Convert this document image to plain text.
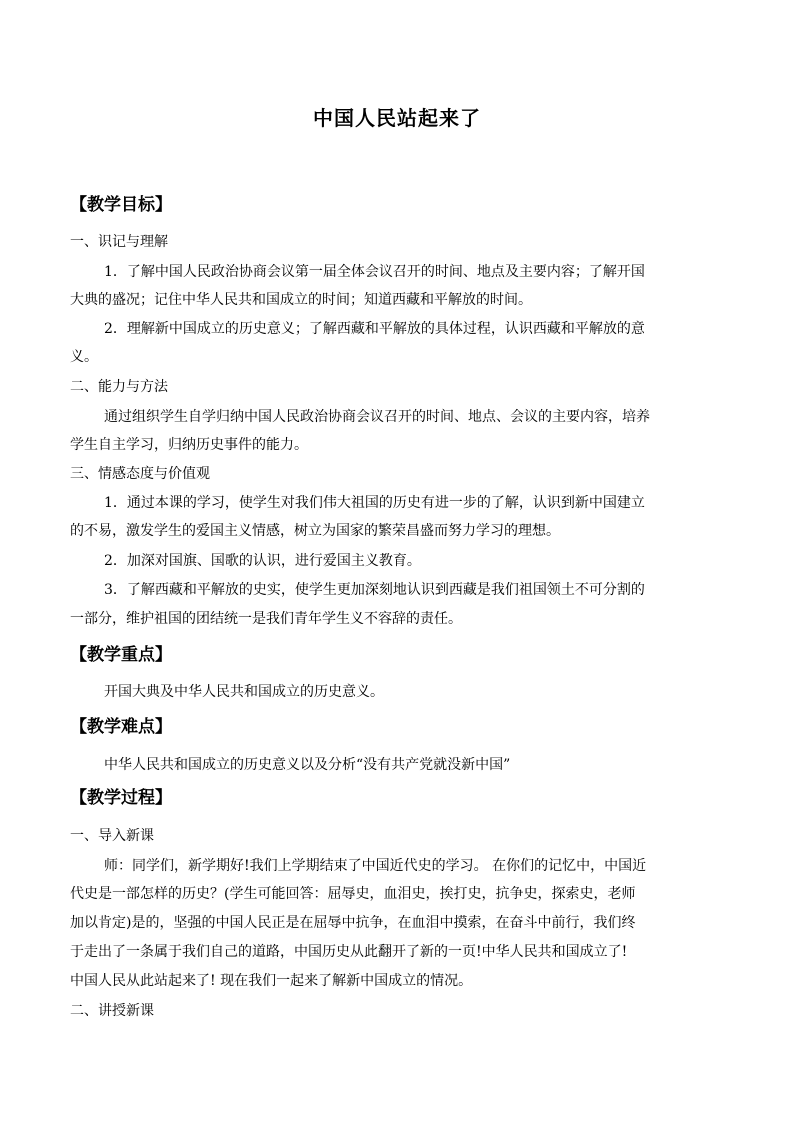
中国人民站起来了
【教学目标】
一、识记与理解
1．了解中国人民政治协商会议第一届全体会议召开的时间、地点及主要内容；了解开国
大典的盛况；记住中华人民共和国成立的时间；知道西藏和平解放的时间。
2．理解新中国成立的历史意义；了解西藏和平解放的具体过程，认识西藏和平解放的意
义。
二、能力与方法
通过组织学生自学归纳中国人民政治协商会议召开的时间、地点、会议的主要内容，培养
学生自主学习，归纳历史事件的能力。
三、情感态度与价值观
1．通过本课的学习，使学生对我们伟大祖国的历史有进一步的了解，认识到新中国建立
的不易，激发学生的爱国主义情感，树立为国家的繁荣昌盛而努力学习的理想。
2．加深对国旗、国歌的认识，进行爱国主义教育。
3．了解西藏和平解放的史实，使学生更加深刻地认识到西藏是我们祖国领土不可分割的
一部分，维护祖国的团结统一是我们青年学生义不容辞的责任。
【教学重点】
开国大典及中华人民共和国成立的历史意义。
【教学难点】
中华人民共和国成立的历史意义以及分析“没有共产党就没新中国”
【教学过程】
一、导入新课
师：同学们，新学期好!我们上学期结束了中国近代史的学习。 在你们的记忆中，中国近
代史是一部怎样的历史？(学生可能回答：屈辱史，血泪史，挨打史，抗争史，探索史，老师
加以肯定)是的，坚强的中国人民正是在屈辱中抗争，在血泪中摸索，在奋斗中前行，我们终
于走出了一条属于我们自己的道路，中国历史从此翻开了新的一页!中华人民共和国成立了!
中国人民从此站起来了! 现在我们一起来了解新中国成立的情况。
二、讲授新课
